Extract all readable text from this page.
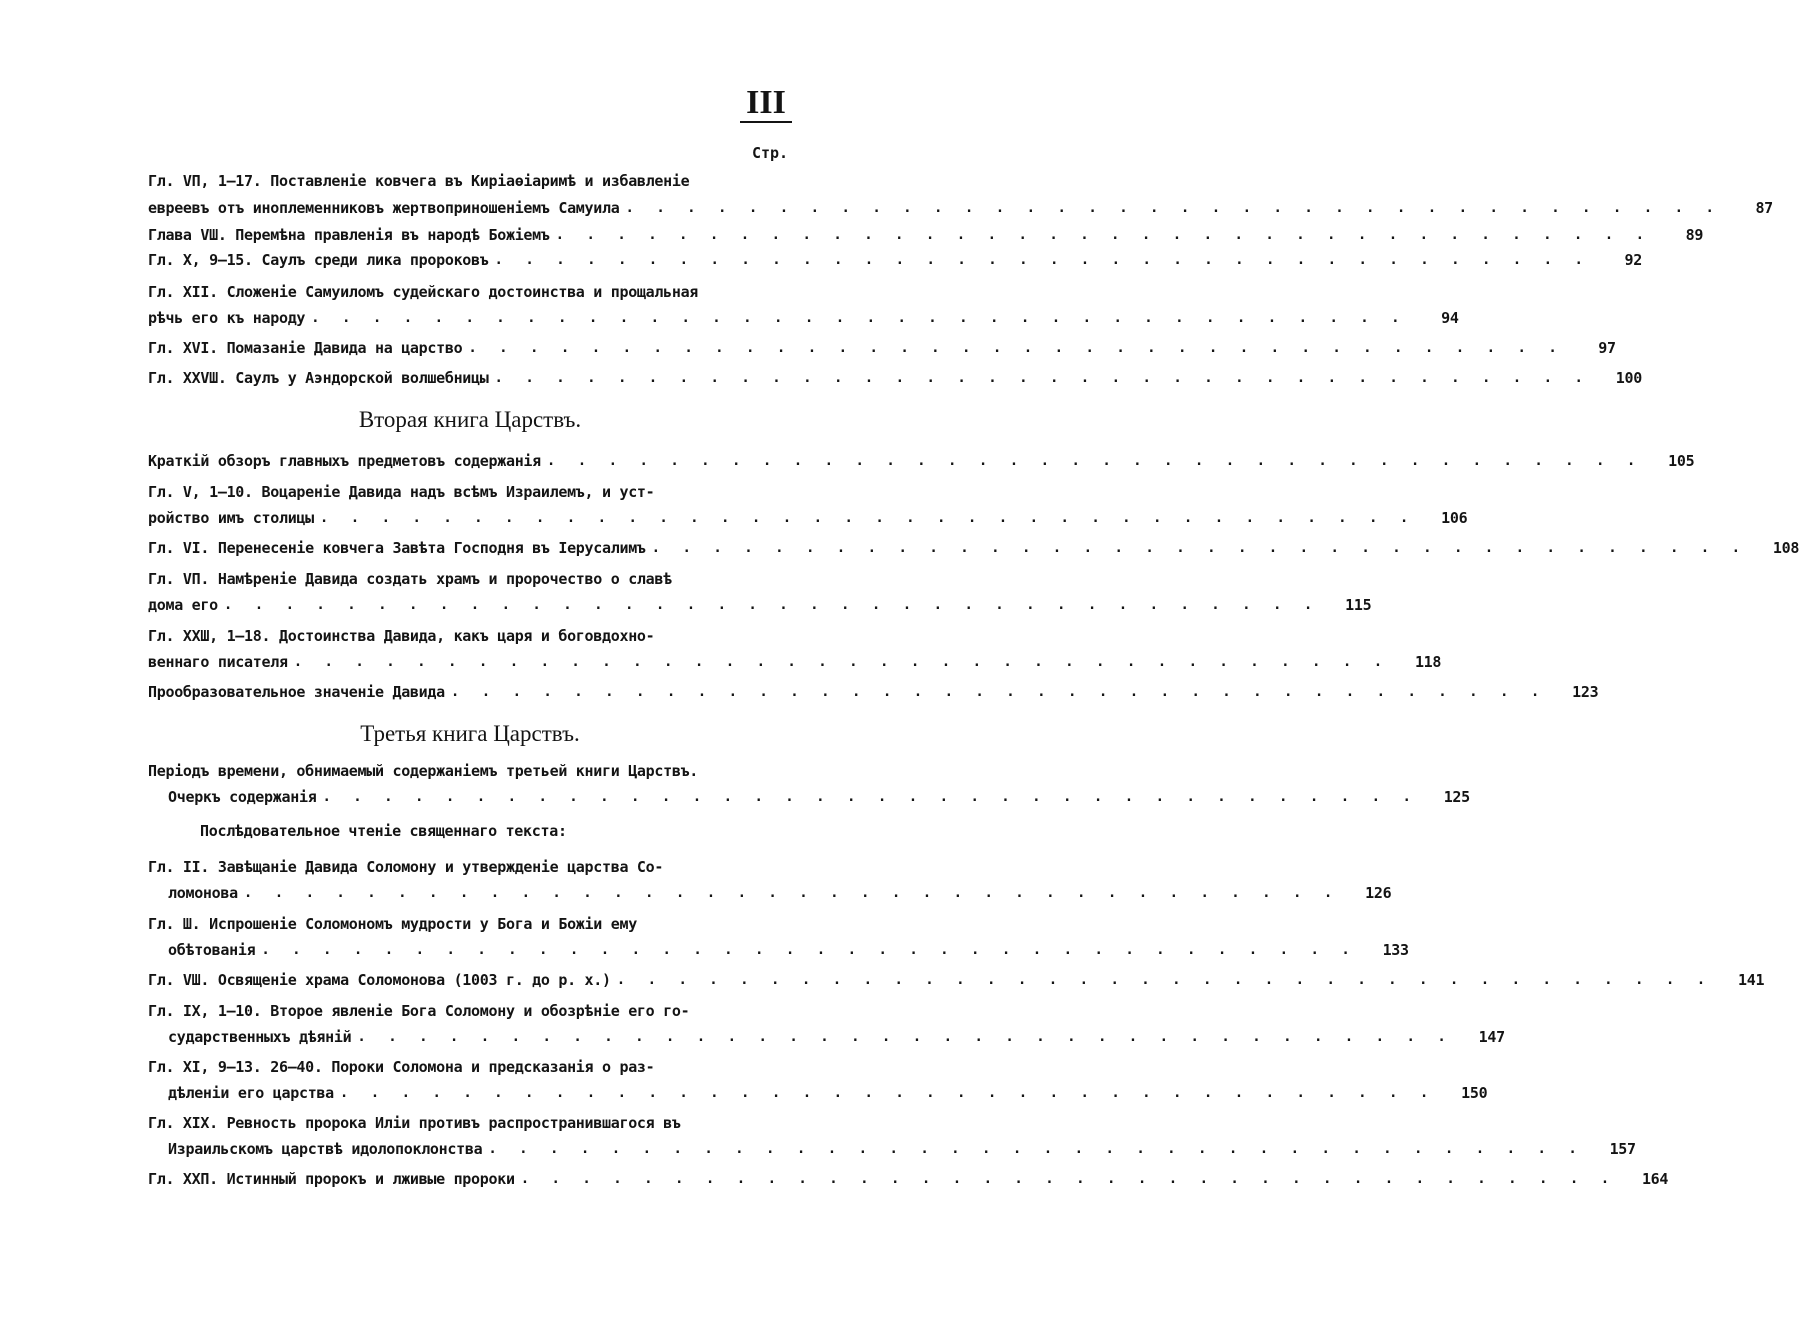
III
Стр.
Гл. VП, 1—17. Поставленіе ковчега въ Киріаѳіаримѣ и избавленіе
евреевъ отъ иноплеменниковъ жертвоприношеніемъ Самуила . . . . . . . . . . . . . . . . . . . . . . . . . . . . . . . . . . . .	87
Глава VШ. Перемѣна правленія въ народѣ Божіемъ . . . . . . . . . . . . . . . . . . . . . . . . . . . . . . . . . . . .	89
Гл. X, 9—15. Саулъ среди лика пророковъ . . . . . . . . . . . . . . . . . . . . . . . . . . . . . . . . . . . .	92
Гл. XII. Сложеніе Самуиломъ судейскаго достоинства и прощальная
рѣчь его къ народу . . . . . . . . . . . . . . . . . . . . . . . . . . . . . . . . . . . .	94
Гл. XVI. Помазаніе Давида на царство . . . . . . . . . . . . . . . . . . . . . . . . . . . . . . . . . . . .	97
Гл. XXVШ. Саулъ у Аэндорской волшебницы . . . . . . . . . . . . . . . . . . . . . . . . . . . . . . . . . . . .	100
Вторая книга Царствъ.
Краткій обзоръ главныхъ предметовъ содержанія . . . . . . . . . . . . . . . . . . . . . . . . . . . . . . . . . . . .	105
Гл. V, 1—10. Воцареніе Давида надъ всѣмъ Израилемъ, и уст-
ройство имъ столицы . . . . . . . . . . . . . . . . . . . . . . . . . . . . . . . . . . . .	106
Гл. VI. Перенесеніе ковчега Завѣта Господня въ Іерусалимъ . . . . . . . . . . . . . . . . . . . . . . . . . . . . . . . . . . . .	108
Гл. VП. Намѣреніе Давида создать храмъ и пророчество о славѣ
дома его . . . . . . . . . . . . . . . . . . . . . . . . . . . . . . . . . . . .	115
Гл. XXШ, 1—18. Достоинства Давида, какъ царя и боговдохно-
веннаго писателя . . . . . . . . . . . . . . . . . . . . . . . . . . . . . . . . . . . .	118
Прообразовательное значеніе Давида . . . . . . . . . . . . . . . . . . . . . . . . . . . . . . . . . . . .	123
Третья книга Царствъ.
Періодъ времени, обнимаемый содержаніемъ третьей книги Царствъ.
Очеркъ содержанія . . . . . . . . . . . . . . . . . . . . . . . . . . . . . . . . . . . .	125
Послѣдовательное чтеніе священнаго текста:
Гл. II. Завѣщаніе Давида Соломону и утвержденіе царства Со-
ломонова . . . . . . . . . . . . . . . . . . . . . . . . . . . . . . . . . . . .	126
Гл. Ш. Испрошеніе Соломономъ мудрости у Бога и Божіи ему
обѣтованія . . . . . . . . . . . . . . . . . . . . . . . . . . . . . . . . . . . .	133
Гл. VШ. Освященіе храма Соломонова (1003 г. до р. х.) . . . . . . . . . . . . . . . . . . . . . . . . . . . . . . . . . . . .	141
Гл. IX, 1—10. Второе явленіе Бога Соломону и обозрѣніе его го-
сударственныхъ дѣяній . . . . . . . . . . . . . . . . . . . . . . . . . . . . . . . . . . . .	147
Гл. XI, 9—13. 26—40. Пороки Соломона и предсказанія о раз-
дѣленіи его царства . . . . . . . . . . . . . . . . . . . . . . . . . . . . . . . . . . . .	150
Гл. XIX. Ревность пророка Иліи противъ распространившагося въ
Израильскомъ царствѣ идолопоклонства . . . . . . . . . . . . . . . . . . . . . . . . . . . . . . . . . . . .	157
Гл. XXП. Истинный пророкъ и лживые пророки . . . . . . . . . . . . . . . . . . . . . . . . . . . . . . . . . . . .	164
